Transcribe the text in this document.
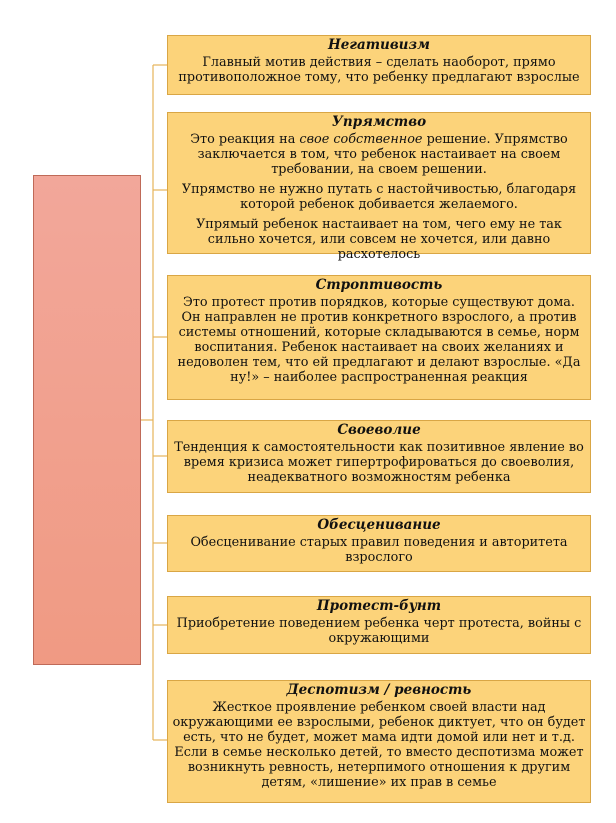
Негативизм

Главный мотив действия – сделать наоборот, прямо противоположное тому, что ребенку предлагают взрослые

Упрямство

Это реакция на свое собственное решение. Упрямство заключается в том, что ребенок настаивает на своем требовании, на своем решении.

Упрямство не нужно путать с настойчивостью, благодаря которой ребенок добивается желаемого.

Упрямый ребенок настаивает на том, чего ему не так сильно хочется, или совсем не хочется, или давно расхотелось

Строптивость

Это протест против порядков, которые существуют дома. Он направлен не против конкретного взрослого, а против системы отношений, которые складываются в семье, норм воспитания. Ребенок настаивает на своих желаниях и недоволен тем, что ей предлагают и делают взрослые. «Да ну!» – наиболее распространенная реакция

Своеволие

Тенденция к самостоятельности как позитивное явление во время кризиса может гипертрофироваться до своеволия, неадекватного возможностям ребенка

Обесценивание

Обесценивание старых правил поведения и авторитета взрослого

Протест-бунт

Приобретение поведением ребенка черт протеста, войны с окружающими

Деспотизм / ревность

Жесткое проявление ребенком своей власти над окружающими ее взрослыми, ребенок диктует, что он будет есть, что не будет, может мама идти домой или нет и т.д. Если в семье несколько детей, то вместо деспотизма может возникнуть ревность, нетерпимого отношения к другим детям, «лишение» их прав в семье
